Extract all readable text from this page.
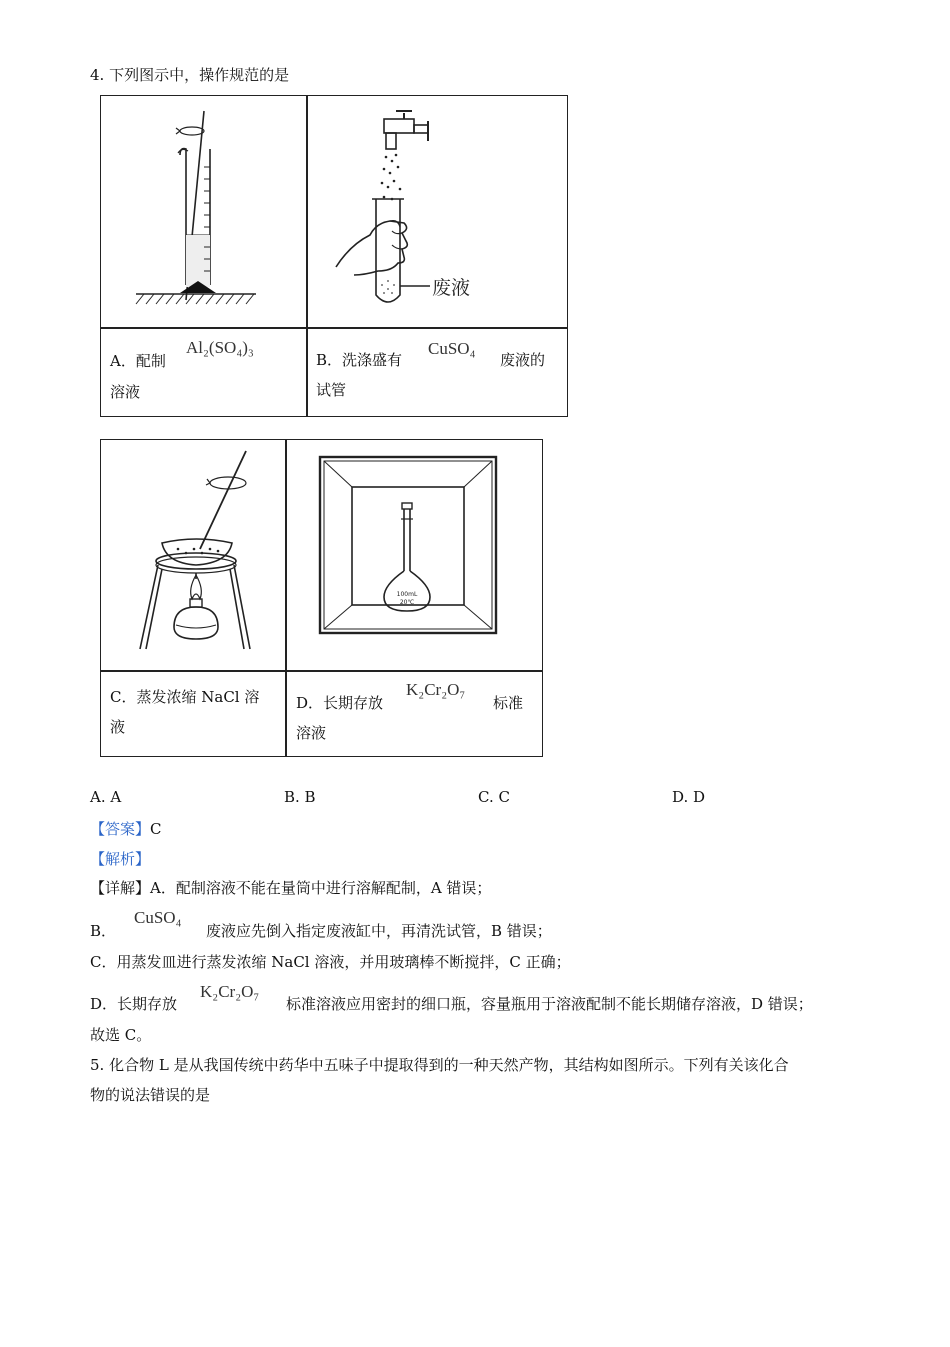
4. 下列图示中，操作规范的是
废液
A．配制
Al₂(SO₄)₃
溶液
B．洗涤盛有
CuSO₄
废液的
试管
100mL
20℃
C．蒸发浓缩 NaCl 溶
液
D．长期存放
K₂Cr₂O₇
标准
溶液
A. A	B. B	C. C	D. D
【答案】C
【解析】
【详解】A．配制溶液不能在量筒中进行溶解配制，A 错误；
B．
CuSO₄
废液应先倒入指定废液缸中，再清洗试管，B 错误；
C．用蒸发皿进行蒸发浓缩 NaCl 溶液，并用玻璃棒不断搅拌，C 正确；
D．长期存放
K₂Cr₂O₇
标准溶液应用密封的细口瓶，容量瓶用于溶液配制不能长期储存溶液，D 错误；
故选 C。
5. 化合物 L 是从我国传统中药华中五味子中提取得到的一种天然产物，其结构如图所示。下列有关该化合
物的说法错误的是
